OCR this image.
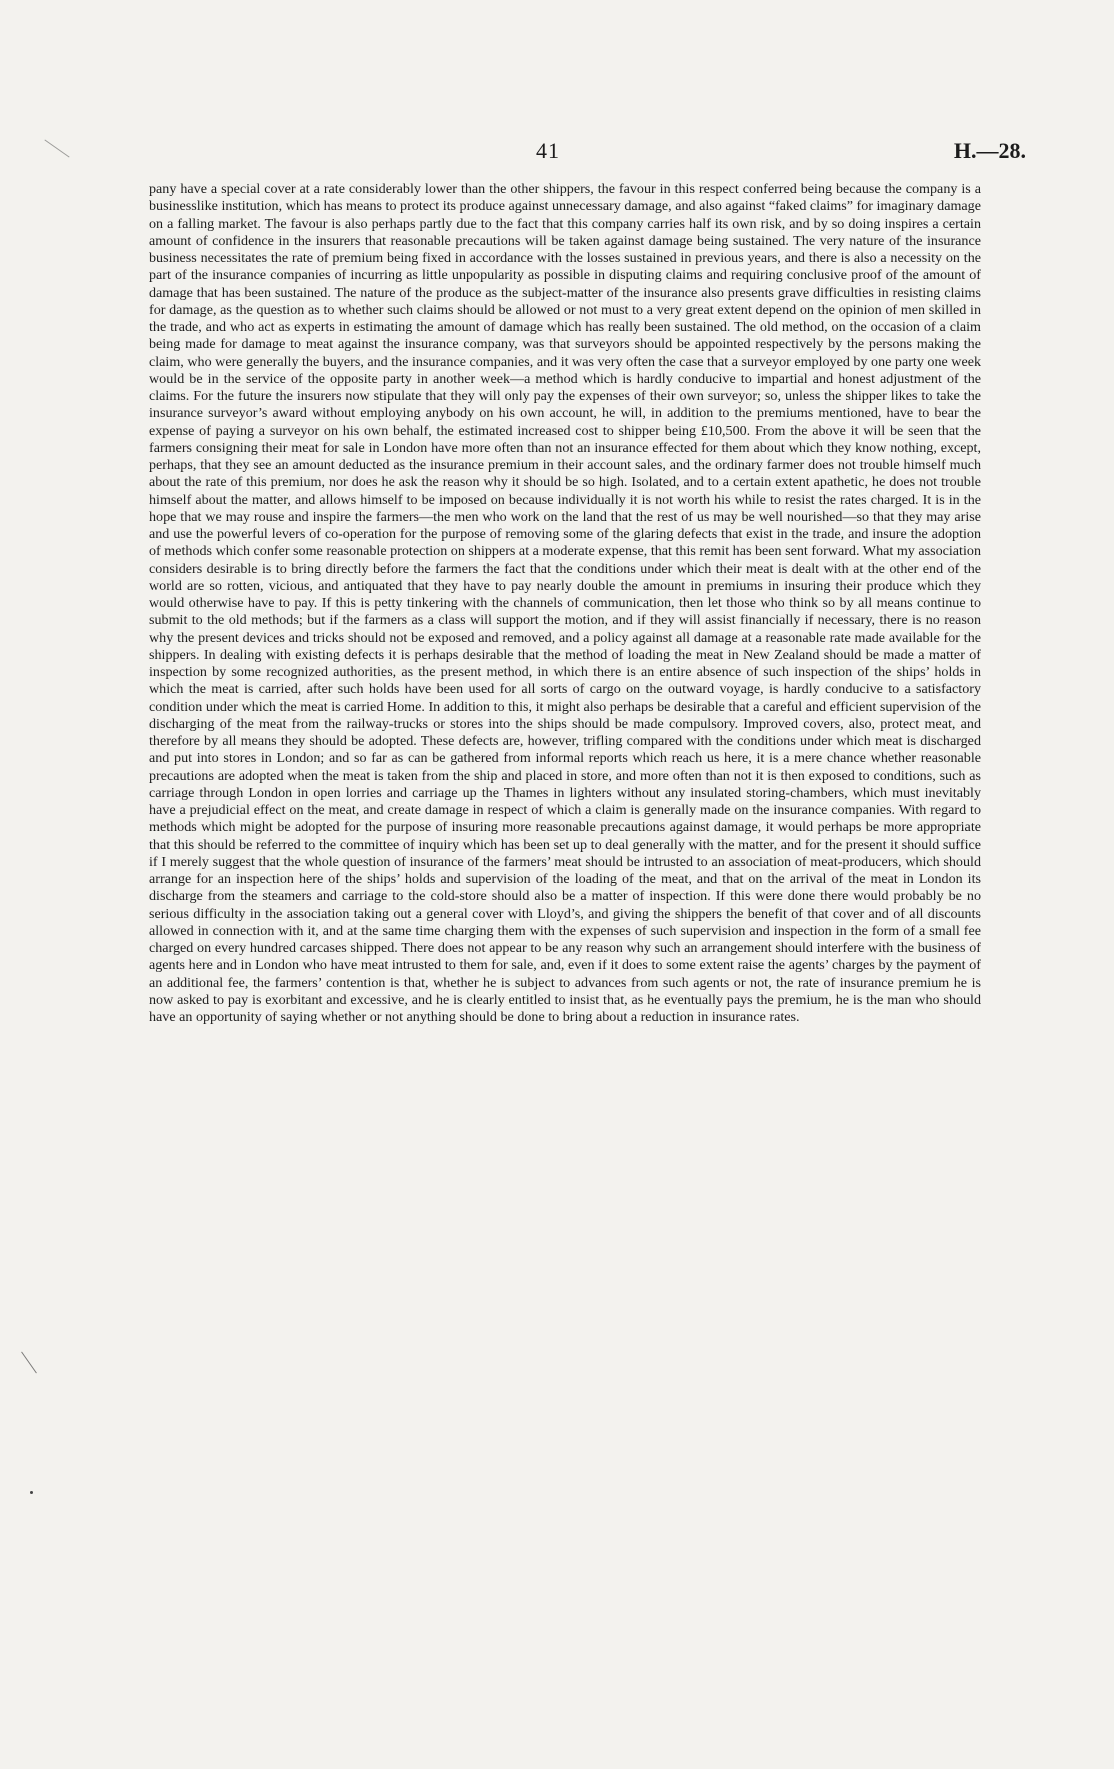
41	H.—28.

pany have a special cover at a rate considerably lower than the other shippers, the favour in this respect conferred being because the company is a businesslike institution, which has means to protect its produce against unnecessary damage, and also against “faked claims” for imaginary damage on a falling market. The favour is also perhaps partly due to the fact that this company carries half its own risk, and by so doing inspires a certain amount of confidence in the insurers that reasonable precautions will be taken against damage being sustained. The very nature of the insurance business necessitates the rate of premium being fixed in accordance with the losses sustained in previous years, and there is also a necessity on the part of the insurance companies of incurring as little unpopularity as possible in disputing claims and requiring conclusive proof of the amount of damage that has been sustained. The nature of the produce as the subject-matter of the insurance also presents grave difficulties in resisting claims for damage, as the question as to whether such claims should be allowed or not must to a very great extent depend on the opinion of men skilled in the trade, and who act as experts in estimating the amount of damage which has really been sustained. The old method, on the occasion of a claim being made for damage to meat against the insurance company, was that surveyors should be appointed respectively by the persons making the claim, who were generally the buyers, and the insurance companies, and it was very often the case that a surveyor employed by one party one week would be in the service of the opposite party in another week—a method which is hardly conducive to impartial and honest adjustment of the claims. For the future the insurers now stipulate that they will only pay the expenses of their own surveyor; so, unless the shipper likes to take the insurance surveyor’s award without employing anybody on his own account, he will, in addition to the premiums mentioned, have to bear the expense of paying a surveyor on his own behalf, the estimated increased cost to shipper being £10,500. From the above it will be seen that the farmers consigning their meat for sale in London have more often than not an insurance effected for them about which they know nothing, except, perhaps, that they see an amount deducted as the insurance premium in their account sales, and the ordinary farmer does not trouble himself much about the rate of this premium, nor does he ask the reason why it should be so high. Isolated, and to a certain extent apathetic, he does not trouble himself about the matter, and allows himself to be imposed on because individually it is not worth his while to resist the rates charged. It is in the hope that we may rouse and inspire the farmers—the men who work on the land that the rest of us may be well nourished—so that they may arise and use the powerful levers of co-operation for the purpose of removing some of the glaring defects that exist in the trade, and insure the adoption of methods which confer some reasonable protection on shippers at a moderate expense, that this remit has been sent forward. What my association considers desirable is to bring directly before the farmers the fact that the conditions under which their meat is dealt with at the other end of the world are so rotten, vicious, and antiquated that they have to pay nearly double the amount in premiums in insuring their produce which they would otherwise have to pay. If this is petty tinkering with the channels of communication, then let those who think so by all means continue to submit to the old methods; but if the farmers as a class will support the motion, and if they will assist financially if necessary, there is no reason why the present devices and tricks should not be exposed and removed, and a policy against all damage at a reasonable rate made available for the shippers. In dealing with existing defects it is perhaps desirable that the method of loading the meat in New Zealand should be made a matter of inspection by some recognized authorities, as the present method, in which there is an entire absence of such inspection of the ships’ holds in which the meat is carried, after such holds have been used for all sorts of cargo on the outward voyage, is hardly conducive to a satisfactory condition under which the meat is carried Home. In addition to this, it might also perhaps be desirable that a careful and efficient supervision of the discharging of the meat from the railway-trucks or stores into the ships should be made compulsory. Improved covers, also, protect meat, and therefore by all means they should be adopted. These defects are, however, trifling compared with the conditions under which meat is discharged and put into stores in London; and so far as can be gathered from informal reports which reach us here, it is a mere chance whether reasonable precautions are adopted when the meat is taken from the ship and placed in store, and more often than not it is then exposed to conditions, such as carriage through London in open lorries and carriage up the Thames in lighters without any insulated storing-chambers, which must inevitably have a prejudicial effect on the meat, and create damage in respect of which a claim is generally made on the insurance companies. With regard to methods which might be adopted for the purpose of insuring more reasonable precautions against damage, it would perhaps be more appropriate that this should be referred to the committee of inquiry which has been set up to deal generally with the matter, and for the present it should suffice if I merely suggest that the whole question of insurance of the farmers’ meat should be intrusted to an association of meat-producers, which should arrange for an inspection here of the ships’ holds and supervision of the loading of the meat, and that on the arrival of the meat in London its discharge from the steamers and carriage to the cold-store should also be a matter of inspection. If this were done there would probably be no serious difficulty in the association taking out a general cover with Lloyd’s, and giving the shippers the benefit of that cover and of all discounts allowed in connection with it, and at the same time charging them with the expenses of such supervision and inspection in the form of a small fee charged on every hundred carcases shipped. There does not appear to be any reason why such an arrangement should interfere with the business of agents here and in London who have meat intrusted to them for sale, and, even if it does to some extent raise the agents’ charges by the payment of an additional fee, the farmers’ contention is that, whether he is subject to advances from such agents or not, the rate of insurance premium he is now asked to pay is exorbitant and excessive, and he is clearly entitled to insist that, as he eventually pays the premium, he is the man who should have an opportunity of saying whether or not anything should be done to bring about a reduction in insurance rates.
